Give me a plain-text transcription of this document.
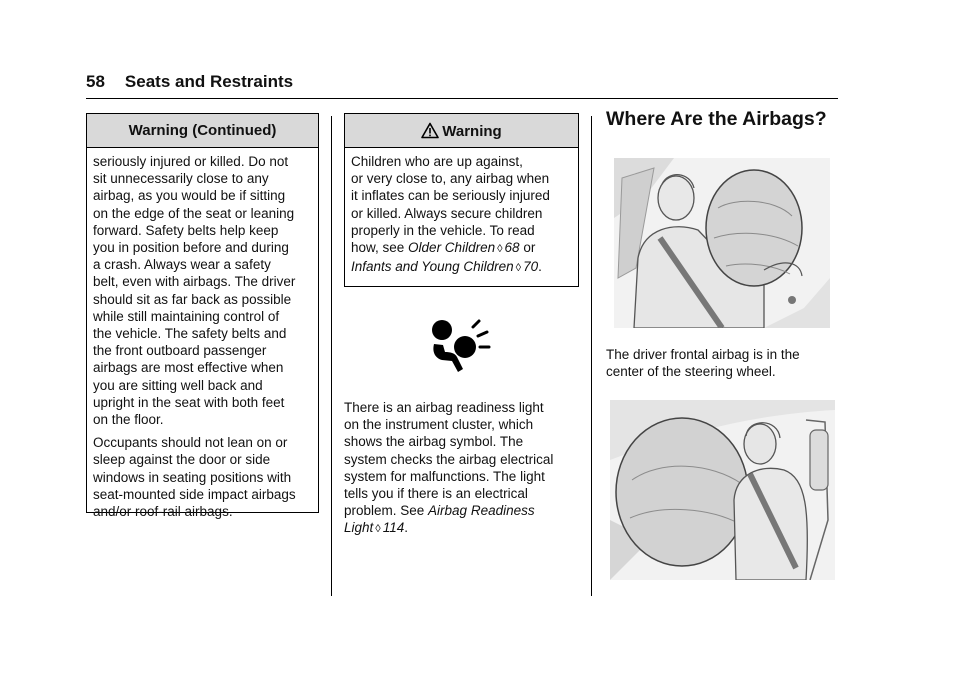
58 Seats and Restraints
Warning (Continued)

seriously injured or killed. Do not
sit unnecessarily close to any
airbag, as you would be if sitting
on the edge of the seat or leaning
forward. Safety belts help keep
you in position before and during
a crash. Always wear a safety
belt, even with airbags. The driver
should sit as far back as possible
while still maintaining control of
the vehicle. The safety belts and
the front outboard passenger
airbags are most effective when
you are sitting well back and
upright in the seat with both feet
on the floor.

Occupants should not lean on or
sleep against the door or side
windows in seating positions with
seat-mounted side impact airbags
and/or roof-rail airbags.

Warning
Children who are up against,
or very close to, any airbag when
it inflates can be seriously injured
or killed. Always secure children
properly in the vehicle. To read
how, see Older Children ◊ 68 or
Infants and Young Children ◊ 70.
There is an airbag readiness light
on the instrument cluster, which
shows the airbag symbol. The
system checks the airbag electrical
system for malfunctions. The light
tells you if there is an electrical
problem. See Airbag Readiness
Light ◊ 114.
Where Are the Airbags?
The driver frontal airbag is in the
center of the steering wheel.
